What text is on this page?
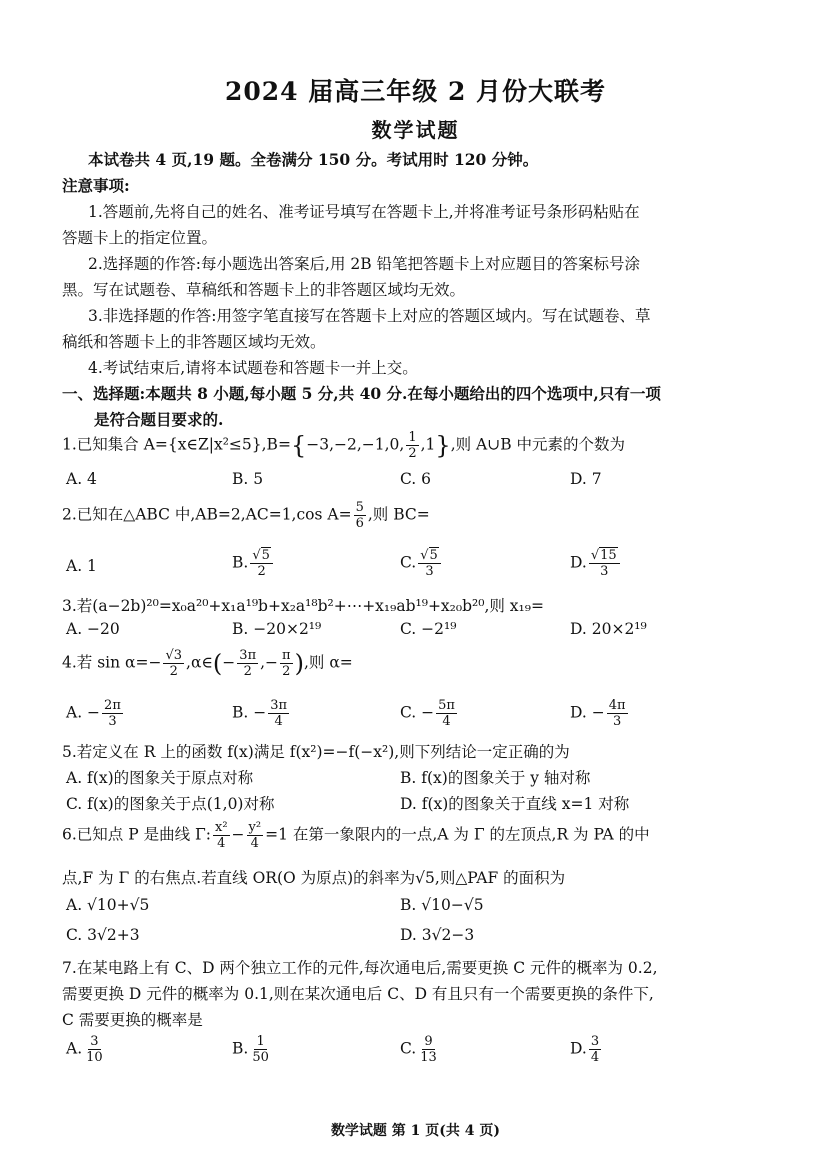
2024 届高三年级 2 月份大联考
数学试题
本试卷共 4 页,19 题。全卷满分 150 分。考试用时 120 分钟。
注意事项:
1.答题前,先将自己的姓名、准考证号填写在答题卡上,并将准考证号条形码粘贴在
答题卡上的指定位置。
2.选择题的作答:每小题选出答案后,用 2B 铅笔把答题卡上对应题目的答案标号涂
黑。写在试题卷、草稿纸和答题卡上的非答题区域均无效。
3.非选择题的作答:用签字笔直接写在答题卡上对应的答题区域内。写在试题卷、草
稿纸和答题卡上的非答题区域均无效。
4.考试结束后,请将本试题卷和答题卡一并上交。
一、选择题:本题共 8 小题,每小题 5 分,共 40 分.在每小题给出的四个选项中,只有一项
是符合题目要求的.
1.已知集合 A={x∈Z|x²≤5},B={−3,−2,−1,0, $\frac{1}{2} ,1$},则 A∪B 中元素的个数为
A. 4	B. 5	C. 6	D. 7
2.已知在△ABC 中,AB=2,AC=1,cos $A= \frac{5}{6}$ ,则 BC=
A. 1	B. √ $\frac{5}{2}$	C. √ $\frac{5}{3}$	D. √ $\frac{15}{3}$
3.若(a−2b)²⁰=x₀a²⁰+x₁a¹⁹b+x₂a¹⁸b²+⋯+x₁₉ab¹⁹+x₂₀b²⁰,则 x₁₉=
A. −20	B. −20×2¹⁹	C. −2¹⁹	D. 20×2¹⁹
4.若 $\sin \alpha=- \frac{√3}{2}$ ,α∈(− $\frac{3\pi}{2}$ ,− $\frac{\pi}{2}$ ),则 α=
A. − $\frac{2\pi}{3}$	B. − $\frac{3\pi}{4}$	C. − $\frac{5\pi}{4}$	D. − $\frac{4\pi}{3}$
5.若定义在 R 上的函数 f(x)满足 f(x²)=−f(−x²),则下列结论一定正确的为
A. f(x)的图象关于原点对称	B. f(x)的图象关于 y 轴对称
C. f(x)的图象关于点(1,0)对称	D. f(x)的图象关于直线 x=1 对称
6.已知点 P 是曲线 Γ: $\frac{\text{x²}}{4} - \frac{\text{y²}}{4} =1$ 在第一象限内的一点,A 为 Γ 的左顶点,R 为 PA 的中
点,F 为 Γ 的右焦点.若直线 OR(O 为原点)的斜率为√5,则△PAF 的面积为
A. √10+√5	B. √10−√5
C. 3√2+3	D. 3√2−3
7.在某电路上有 C、D 两个独立工作的元件,每次通电后,需要更换 C 元件的概率为 0.2,
需要更换 D 元件的概率为 0.1,则在某次通电后 C、D 有且只有一个需要更换的条件下,
C 需要更换的概率是
A. $\frac{3}{10}$	B. $\frac{1}{50}$	C. $\frac{9}{13}$	D. $\frac{3}{4}$
数学试题 第 1 页(共 4 页)
